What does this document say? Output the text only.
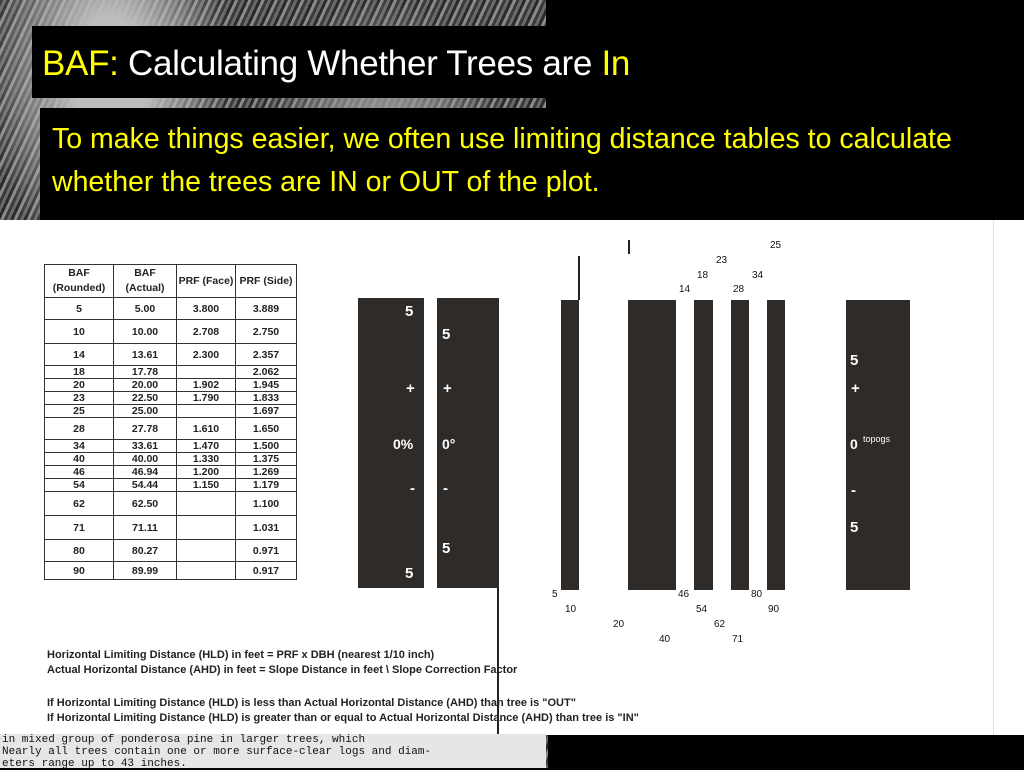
BAF: Calculating Whether Trees are In

To make things easier, we often use limiting distance tables to calculate whether the trees are IN or OUT of the plot.

BAF (Rounded)	BAF (Actual)	PRF (Face)	PRF (Side)
5	5.00	3.800	3.889
10	10.00	2.708	2.750
14	13.61	2.300	2.357
18	17.78		2.062
20	20.00	1.902	1.945
23	22.50	1.790	1.833
25	25.00		1.697
28	27.78	1.610	1.650
34	33.61	1.470	1.500
40	40.00	1.330	1.375
46	46.94	1.200	1.269
54	54.44	1.150	1.179
62	62.50		1.100
71	71.11		1.031
80	80.27		0.971
90	89.99		0.917
5
+
0%
-
5
5
+
0°
-
5
5
+
0 topogs
-
5
25
23
18	34
14	28
5
10
20
40
46
54
62
71
80
90

Horizontal Limiting Distance (HLD) in feet = PRF x DBH (nearest 1/10 inch)

Actual Horizontal Distance (AHD) in feet = Slope Distance in feet \ Slope Correction Factor

If Horizontal Limiting Distance (HLD) is less than Actual Horizontal Distance (AHD) than tree is "OUT"

If Horizontal Limiting Distance (HLD) is greater than or equal to Actual Horizontal Distance (AHD) than tree is "IN"

in mixed group of ponderosa pine in larger trees, which

Nearly all trees contain one or more surface-clear logs and diam-

eters range up to 43 inches.
